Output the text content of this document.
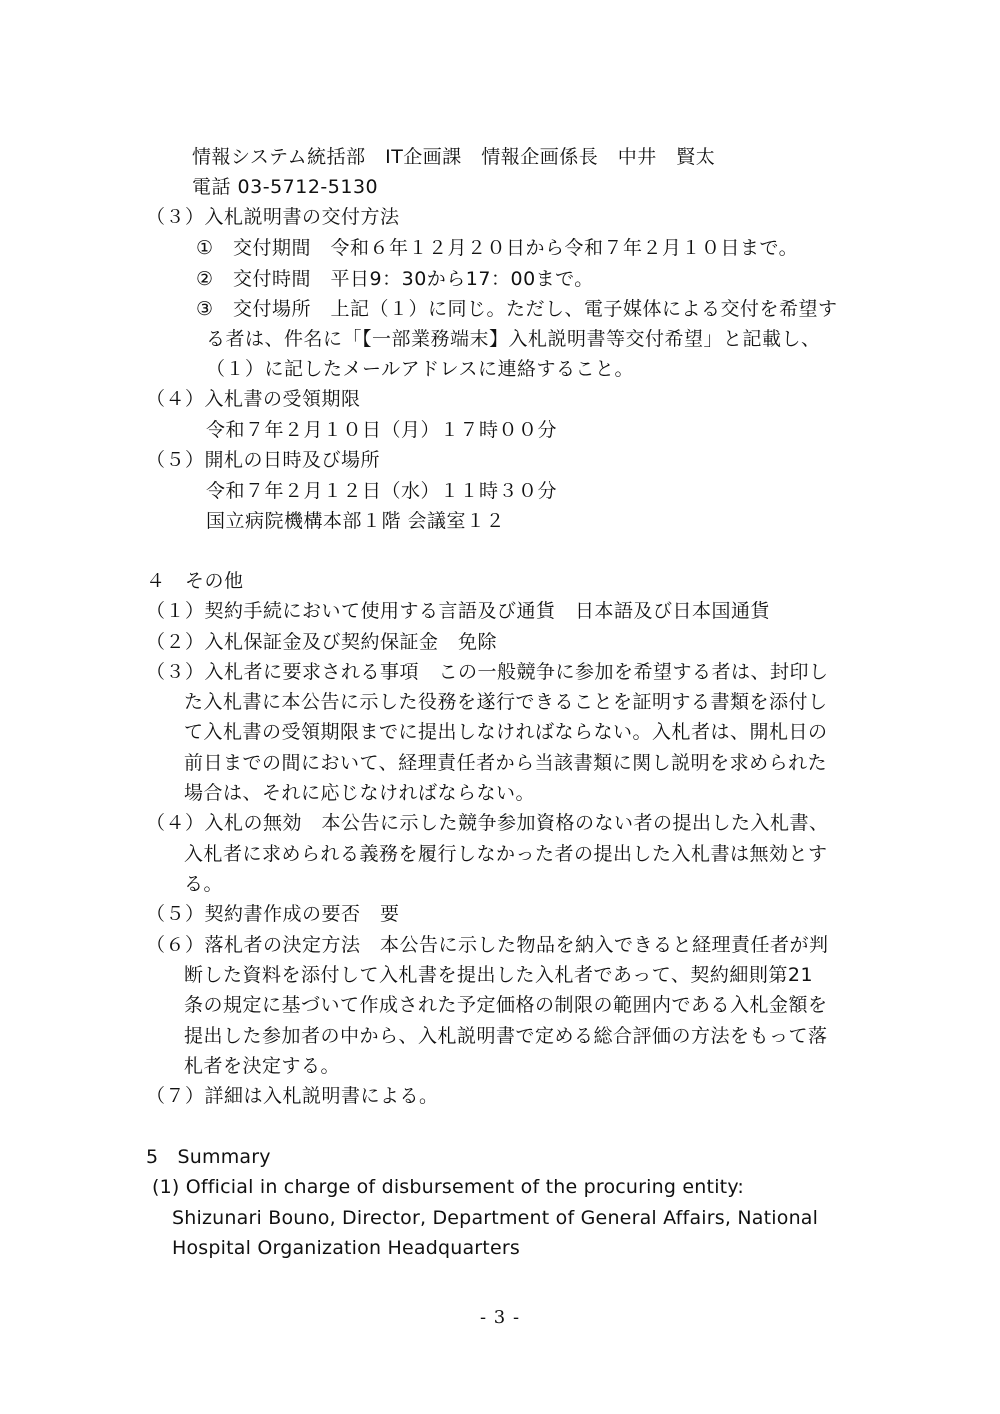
情報システム統括部　IT企画課　情報企画係長　中井　賢太
電話 03-5712-5130
（３）入札説明書の交付方法
①　交付期間　令和６年１２月２０日から令和７年２月１０日まで。
②　交付時間　平日9：30から17：00まで。
③　交付場所　上記（１）に同じ。ただし、電子媒体による交付を希望す
る者は、件名に「【一部業務端末】入札説明書等交付希望」と記載し、
（１）に記したメールアドレスに連絡すること。
（４）入札書の受領期限
令和７年２月１０日（月）１７時００分
（５）開札の日時及び場所
令和７年２月１２日（水）１１時３０分
国立病院機構本部１階 会議室１２
４　その他
（１）契約手続において使用する言語及び通貨　日本語及び日本国通貨
（２）入札保証金及び契約保証金　免除
（３）入札者に要求される事項　この一般競争に参加を希望する者は、封印し
た入札書に本公告に示した役務を遂行できることを証明する書類を添付し
て入札書の受領期限までに提出しなければならない。入札者は、開札日の
前日までの間において、経理責任者から当該書類に関し説明を求められた
場合は、それに応じなければならない。
（４）入札の無効　本公告に示した競争参加資格のない者の提出した入札書、
入札者に求められる義務を履行しなかった者の提出した入札書は無効とす
る。
（５）契約書作成の要否　要
（６）落札者の決定方法　本公告に示した物品を納入できると経理責任者が判
断した資料を添付して入札書を提出した入札者であって、契約細則第21
条の規定に基づいて作成された予定価格の制限の範囲内である入札金額を
提出した参加者の中から、入札説明書で定める総合評価の方法をもって落
札者を決定する。
（７）詳細は入札説明書による。
5　Summary
(1) Official in charge of disbursement of the procuring entity:
Shizunari Bouno, Director, Department of General Affairs, National
Hospital Organization Headquarters
- 3 -
